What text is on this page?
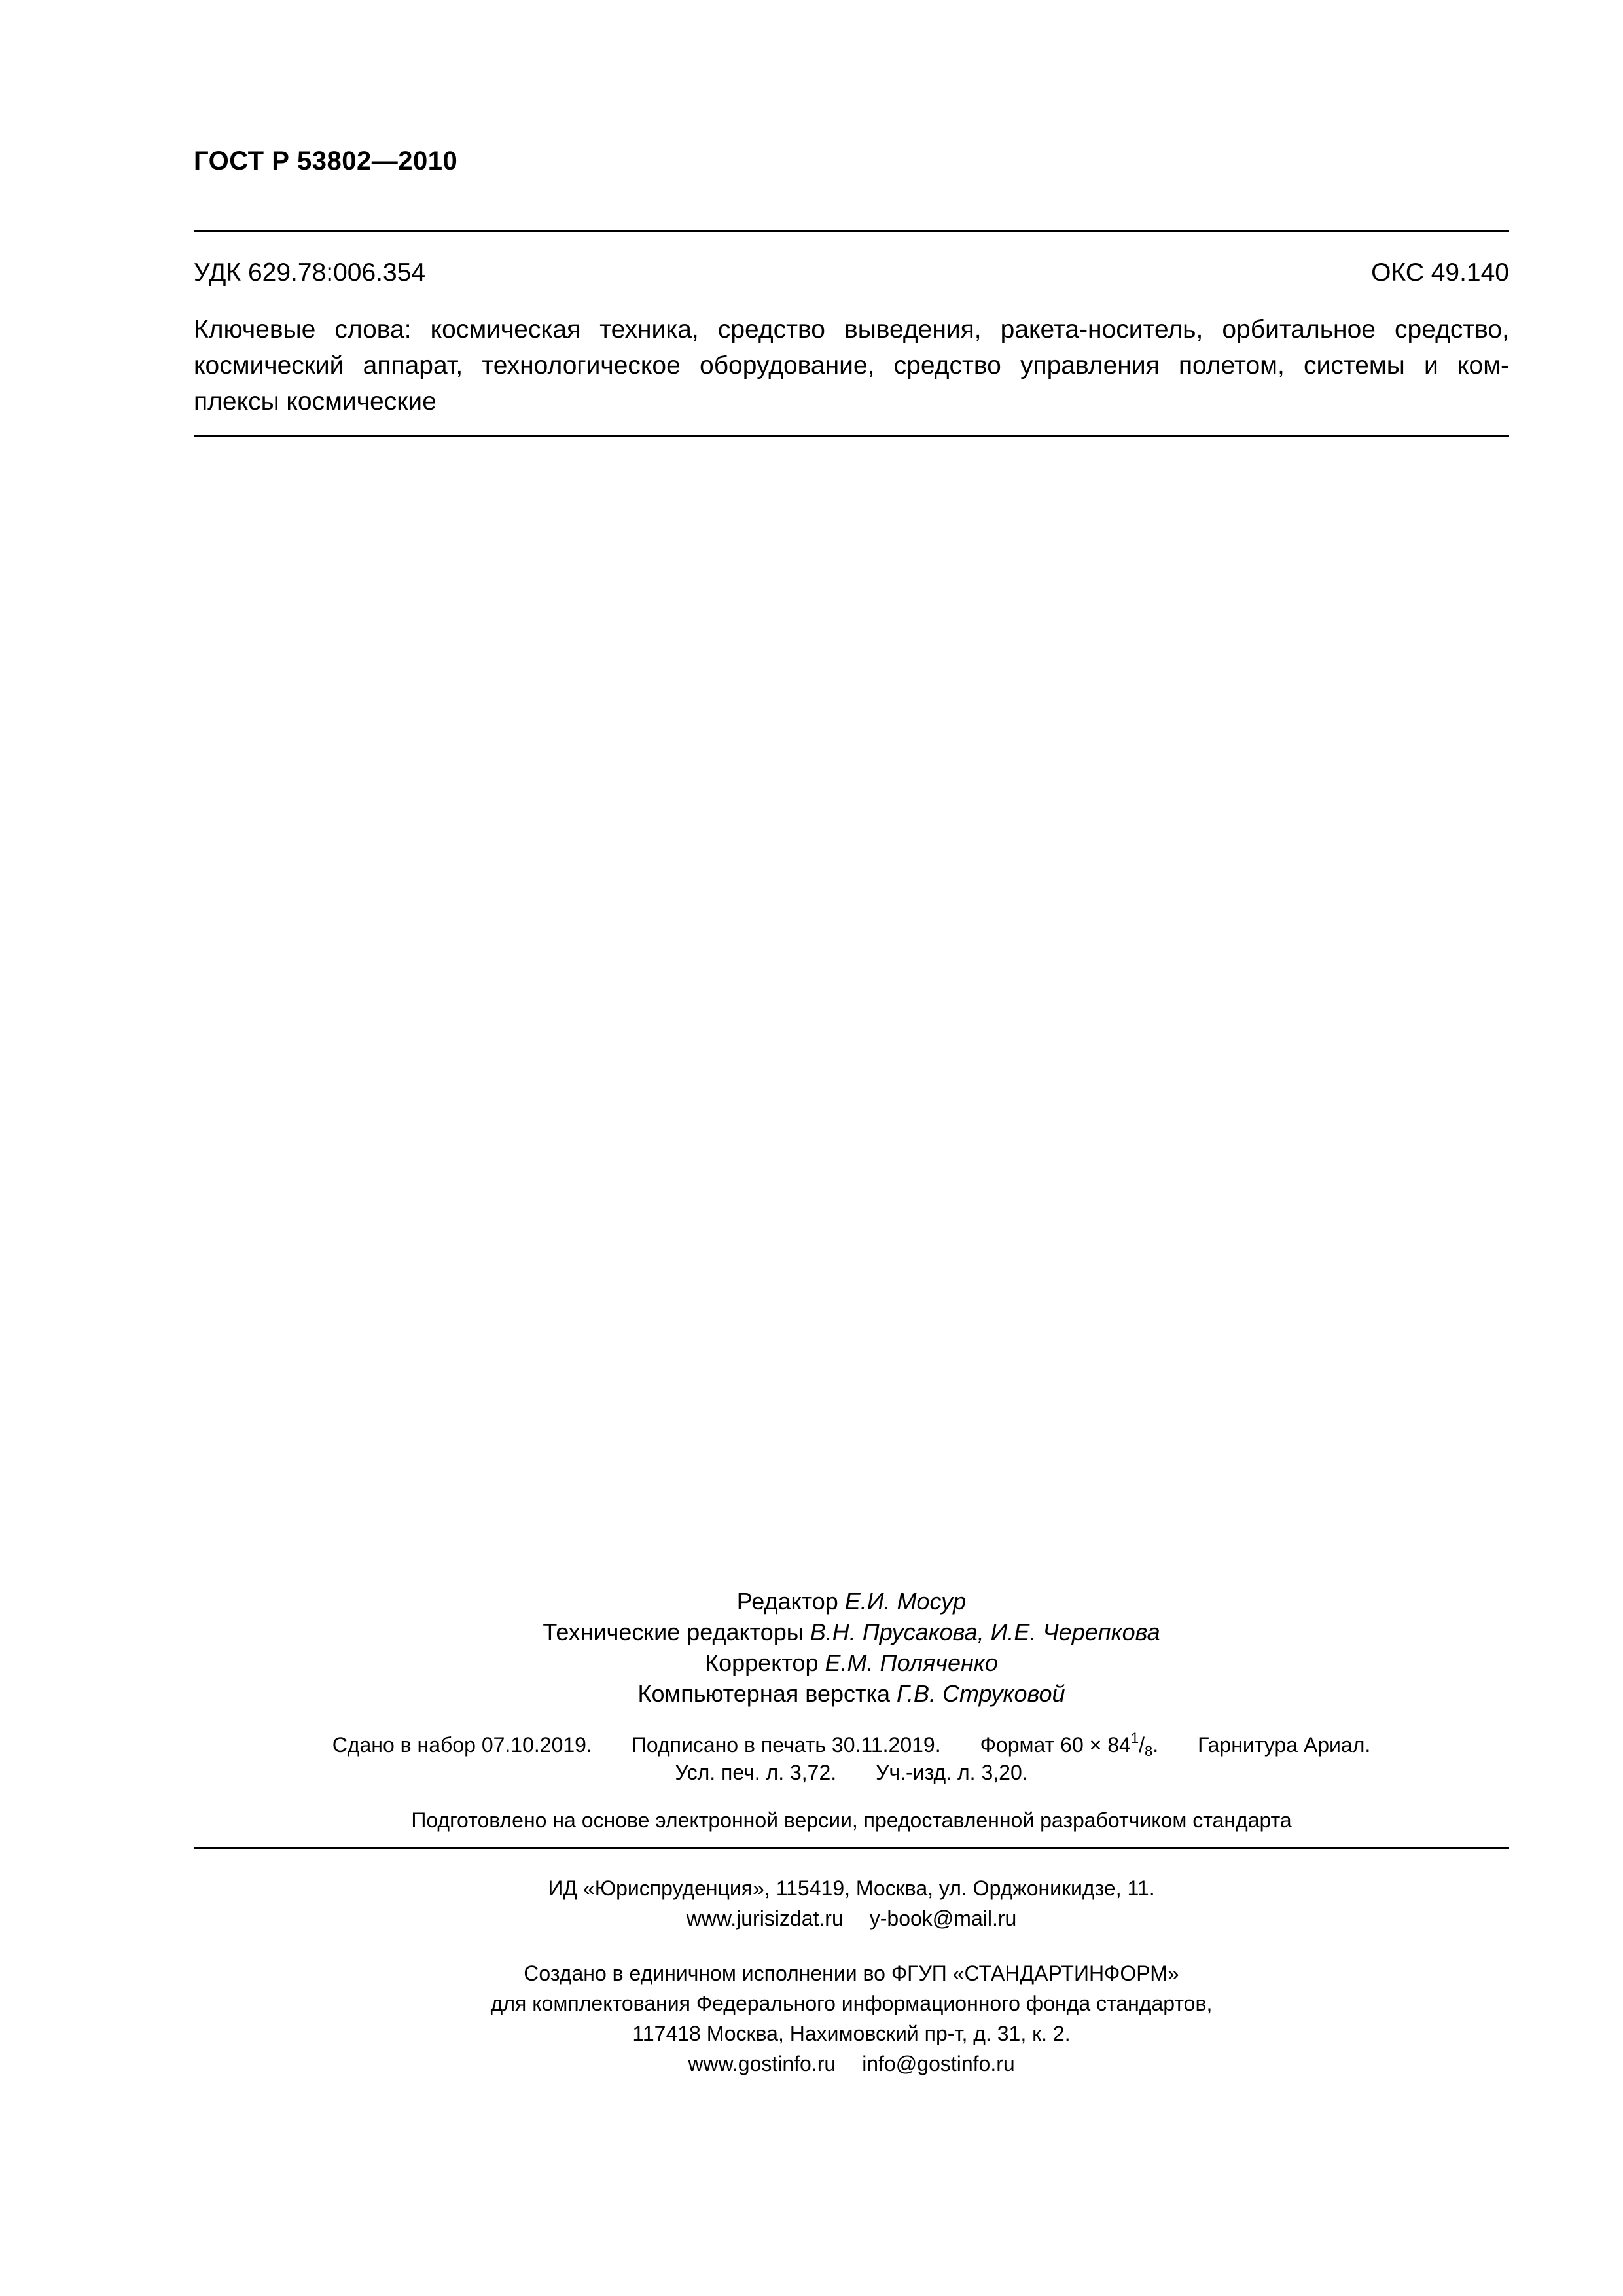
ГОСТ Р 53802—2010
УДК 629.78:006.354	ОКС 49.140
Ключевые слова: космическая техника, средство выведения, ракета-носитель, орбитальное средство,
космический аппарат, технологическое оборудование, средство управления полетом, системы и ком-
плексы космические
Редактор Е.И. Мосур
Технические редакторы В.Н. Прусакова, И.Е. Черепкова
Корректор Е.М. Поляченко
Компьютерная верстка Г.В. Струковой
Сдано в набор 07.10.2019. Подписано в печать 30.11.2019. Формат $60 \times 84^1/_8$. Гарнитура Ариал.
Усл. печ. л. 3,72. Уч.-изд. л. 3,20.
Подготовлено на основе электронной версии, предоставленной разработчиком стандарта
ИД «Юриспруденция», 115419, Москва, ул. Орджоникидзе, 11.
www.jurisizdat.ru y-book@mail.ru
Создано в единичном исполнении во ФГУП «СТАНДАРТИНФОРМ»
для комплектования Федерального информационного фонда стандартов,
117418 Москва, Нахимовский пр-т, д. 31, к. 2.
www.gostinfo.ru info@gostinfo.ru
